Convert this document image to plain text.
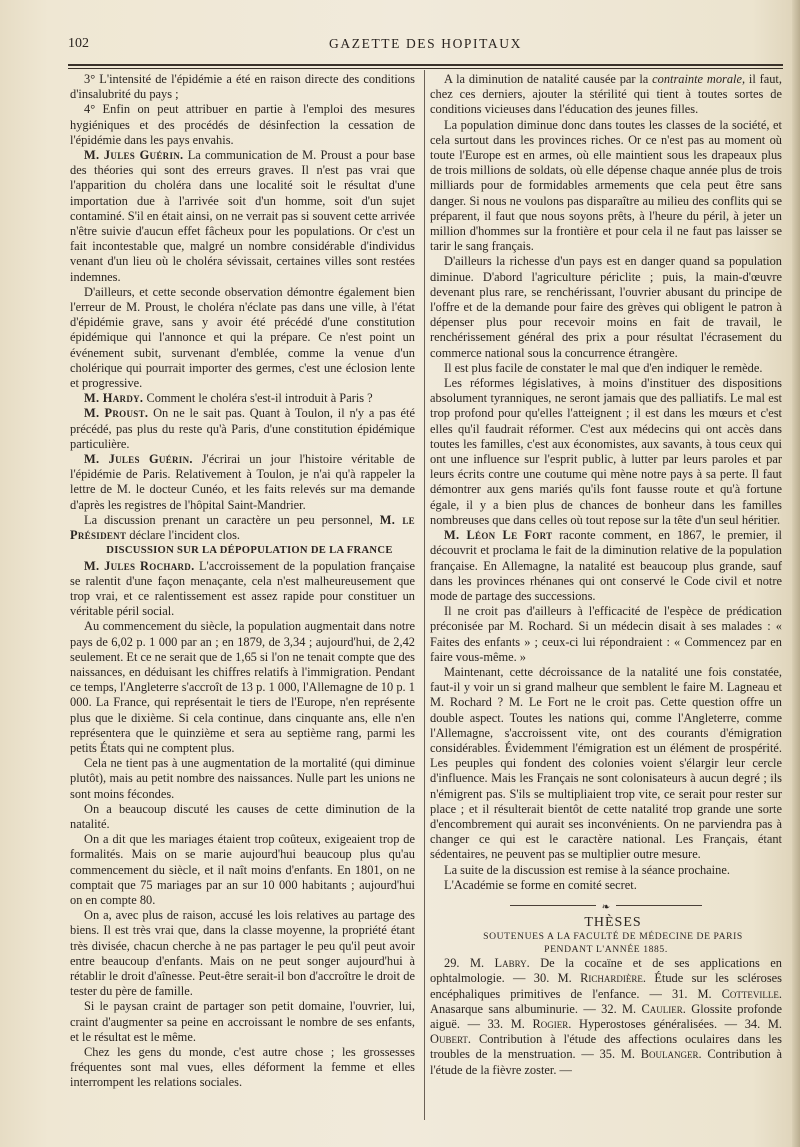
102	GAZETTE DES HOPITAUX

3° L'intensité de l'épidémie a été en raison directe des conditions d'insalubrité du pays ;

4° Enfin on peut attribuer en partie à l'emploi des mesures hygiéniques et des procédés de désinfection la cessation de l'épidémie dans les pays envahis.

M. Jules Guérin. La communication de M. Proust a pour base des théories qui sont des erreurs graves. Il n'est pas vrai que l'apparition du choléra dans une localité soit le résultat d'une importation due à l'arrivée soit d'un homme, soit d'un sujet contaminé. S'il en était ainsi, on ne verrait pas si souvent cette arrivée n'être suivie d'aucun effet fâcheux pour les populations. Or c'est un fait incontestable que, malgré un nombre considérable d'individus venant d'un lieu où le choléra sévissait, certaines villes sont restées indemnes.

D'ailleurs, et cette seconde observation démontre également bien l'erreur de M. Proust, le choléra n'éclate pas dans une ville, à l'état d'épidémie grave, sans y avoir été précédé d'une constitution épidémique qui l'annonce et qui la prépare. Ce n'est point un événement subit, survenant d'emblée, comme la venue d'un cholérique qui pourrait importer des germes, c'est une éclosion lente et progressive.

M. Hardy. Comment le choléra s'est-il introduit à Paris ?

M. Proust. On ne le sait pas. Quant à Toulon, il n'y a pas été précédé, pas plus du reste qu'à Paris, d'une constitution épidémique particulière.

M. Jules Guérin. J'écrirai un jour l'histoire véritable de l'épidémie de Paris. Relativement à Toulon, je n'ai qu'à rappeler la lettre de M. le docteur Cunéo, et les faits relevés sur ma demande d'après les registres de l'hôpital Saint-Mandrier.

La discussion prenant un caractère un peu personnel, M. le Président déclare l'incident clos.

DISCUSSION SUR LA DÉPOPULATION DE LA FRANCE

M. Jules Rochard. L'accroissement de la population française se ralentit d'une façon menaçante, cela n'est malheureusement que trop vrai, et ce ralentissement est assez rapide pour constituer un véritable péril social.

Au commencement du siècle, la population augmentait dans notre pays de 6,02 p. 1 000 par an ; en 1879, de 3,34 ; aujourd'hui, de 2,42 seulement. Et ce ne serait que de 1,65 si l'on ne tenait compte que des naissances, en déduisant les chiffres relatifs à l'immigration. Pendant ce temps, l'Angleterre s'accroît de 13 p. 1 000, l'Allemagne de 10 p. 1 000. La France, qui représentait le tiers de l'Europe, n'en représente plus que le dixième. Si cela continue, dans cinquante ans, elle n'en représentera que le quinzième et sera au septième rang, parmi les petits États qui ne comptent plus.

Cela ne tient pas à une augmentation de la mortalité (qui diminue plutôt), mais au petit nombre des naissances. Nulle part les unions ne sont moins fécondes.

On a beaucoup discuté les causes de cette diminution de la natalité.

On a dit que les mariages étaient trop coûteux, exigeaient trop de formalités. Mais on se marie aujourd'hui beaucoup plus qu'au commencement du siècle, et il naît moins d'enfants. En 1801, on ne comptait que 75 mariages par an sur 10 000 habitants ; aujourd'hui on en compte 80.

On a, avec plus de raison, accusé les lois relatives au partage des biens. Il est très vrai que, dans la classe moyenne, la propriété étant très divisée, chacun cherche à ne pas partager le peu qu'il peut avoir entre beaucoup d'enfants. Mais on ne peut songer aujourd'hui à rétablir le droit d'aînesse. Peut-être serait-il bon d'accroître le droit de tester du père de famille.

Si le paysan craint de partager son petit domaine, l'ouvrier, lui, craint d'augmenter sa peine en accroissant le nombre de ses enfants, et le résultat est le même.

Chez les gens du monde, c'est autre chose ; les grossesses fréquentes sont mal vues, elles déforment la femme et elles interrompent les relations sociales.

A la diminution de natalité causée par la contrainte morale, il faut, chez ces derniers, ajouter la stérilité qui tient à toutes sortes de conditions vicieuses dans l'éducation des jeunes filles.

La population diminue donc dans toutes les classes de la société, et cela surtout dans les provinces riches. Or ce n'est pas au moment où toute l'Europe est en armes, où elle maintient sous les drapeaux plus de trois millions de soldats, où elle dépense chaque année plus de trois milliards pour de formidables armements que cela peut être sans danger. Si nous ne voulons pas disparaître au milieu des conflits qui se préparent, il faut que nous soyons prêts, à l'heure du péril, à jeter un million d'hommes sur la frontière et pour cela il ne faut pas laisser se tarir le sang français.

D'ailleurs la richesse d'un pays est en danger quand sa population diminue. D'abord l'agriculture périclite ; puis, la main-d'œuvre devenant plus rare, se renchérissant, l'ouvrier abusant du principe de l'offre et de la demande pour faire des grèves qui obligent le patron à dépenser plus pour recevoir moins en fait de travail, le renchérissement général des prix a pour résultat l'écrasement du commerce national sous la concurrence étrangère.

Il est plus facile de constater le mal que d'en indiquer le remède.

Les réformes législatives, à moins d'instituer des dispositions absolument tyranniques, ne seront jamais que des palliatifs. Le mal est trop profond pour qu'elles l'atteignent ; il est dans les mœurs et c'est elles qu'il faudrait réformer. C'est aux médecins qui ont accès dans toutes les familles, c'est aux économistes, aux savants, à tous ceux qui ont une influence sur l'esprit public, à lutter par leurs paroles et par leurs écrits contre une coutume qui mène notre pays à sa perte. Il faut démontrer aux gens mariés qu'ils font fausse route et qu'à fortune égale, il y a bien plus de chances de bonheur dans les familles nombreuses que dans celles où tout repose sur la tête d'un seul héritier.

M. Léon Le Fort raconte comment, en 1867, le premier, il découvrit et proclama le fait de la diminution relative de la population française. En Allemagne, la natalité est beaucoup plus grande, sauf dans les provinces rhénanes qui ont conservé le Code civil et notre mode de partage des successions.

Il ne croit pas d'ailleurs à l'efficacité de l'espèce de prédication préconisée par M. Rochard. Si un médecin disait à ses malades : « Faites des enfants » ; ceux-ci lui répondraient : « Commencez par en faire vous-même. »

Maintenant, cette décroissance de la natalité une fois constatée, faut-il y voir un si grand malheur que semblent le faire M. Lagneau et M. Rochard ? M. Le Fort ne le croit pas. Cette question offre un double aspect. Toutes les nations qui, comme l'Angleterre, comme l'Allemagne, s'accroissent vite, ont des courants d'émigration considérables. Évidemment l'émigration est un élément de prospérité. Les peuples qui fondent des colonies voient s'élargir leur cercle d'influence. Mais les Français ne sont colonisateurs à aucun degré ; ils n'émigrent pas. S'ils se multipliaient trop vite, ce serait pour rester sur place ; et il résulterait bientôt de cette natalité trop grande une sorte d'encombrement qui aurait ses inconvénients. On ne parviendra pas à changer ce qui est le caractère national. Les Français, étant sédentaires, ne peuvent pas se multiplier outre mesure.

La suite de la discussion est remise à la séance prochaine.

L'Académie se forme en comité secret.

❧

THÈSES

SOUTENUES A LA FACULTÉ DE MÉDECINE DE PARIS
PENDANT L'ANNÉE 1885.

29. M. Labry. De la cocaïne et de ses applications en ophtalmologie. — 30. M. Richardière. Étude sur les scléroses encéphaliques primitives de l'enfance. — 31. M. Cotteville. Anasarque sans albuminurie. — 32. M. Caulier. Glossite profonde aiguë. — 33. M. Rogier. Hyperostoses généralisées. — 34. M. Oubert. Contribution à l'étude des affections oculaires dans les troubles de la menstruation. — 35. M. Boulanger. Contribution à l'étude de la fièvre zoster. —
